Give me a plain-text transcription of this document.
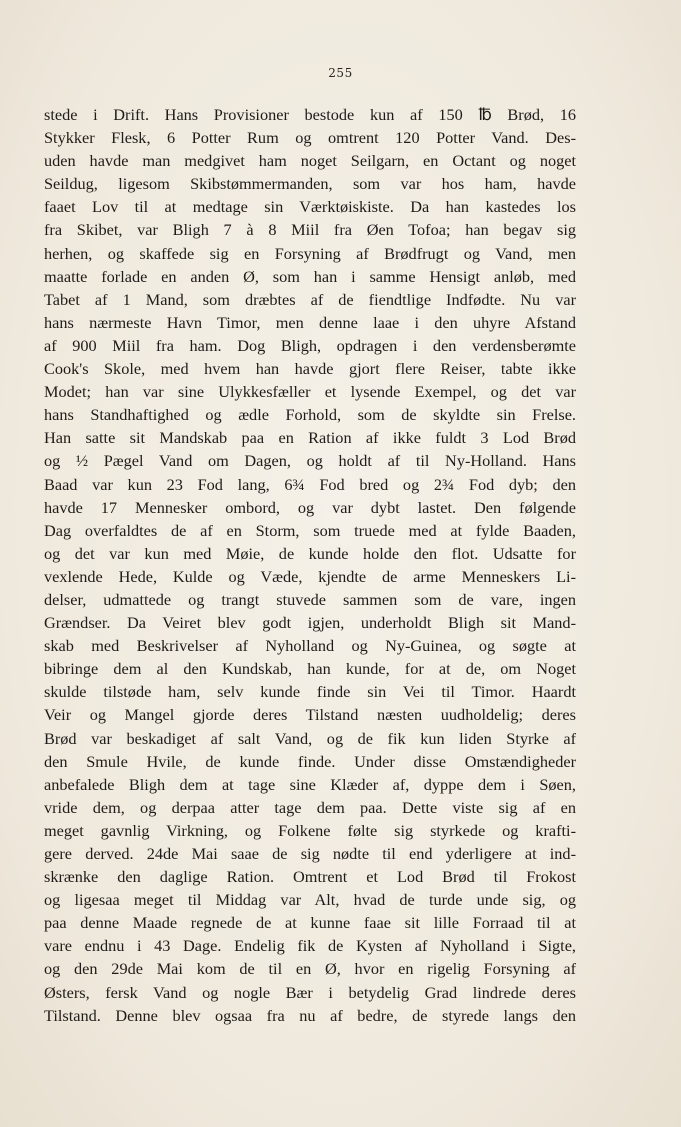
255
stede i Drift. Hans Provisioner bestode kun af 150 ℔ Brød, 16
Stykker Flesk, 6 Potter Rum og omtrent 120 Potter Vand. Des-
uden havde man medgivet ham noget Seilgarn, en Octant og noget
Seildug, ligesom Skibstømmermanden, som var hos ham, havde
faaet Lov til at medtage sin Værktøiskiste. Da han kastedes los
fra Skibet, var Bligh 7 à 8 Miil fra Øen Tofoa; han begav sig
herhen, og skaffede sig en Forsyning af Brødfrugt og Vand, men
maatte forlade en anden Ø, som han i samme Hensigt anløb, med
Tabet af 1 Mand, som dræbtes af de fiendtlige Indfødte. Nu var
hans nærmeste Havn Timor, men denne laae i den uhyre Afstand
af 900 Miil fra ham. Dog Bligh, opdragen i den verdensberømte
Cook's Skole, med hvem han havde gjort flere Reiser, tabte ikke
Modet; han var sine Ulykkesfæller et lysende Exempel, og det var
hans Standhaftighed og ædle Forhold, som de skyldte sin Frelse.
Han satte sit Mandskab paa en Ration af ikke fuldt 3 Lod Brød
og ½ Pægel Vand om Dagen, og holdt af til Ny-Holland. Hans
Baad var kun 23 Fod lang, 6¾ Fod bred og 2¾ Fod dyb; den
havde 17 Mennesker ombord, og var dybt lastet. Den følgende
Dag overfaldtes de af en Storm, som truede med at fylde Baaden,
og det var kun med Møie, de kunde holde den flot. Udsatte for
vexlende Hede, Kulde og Væde, kjendte de arme Menneskers Li-
delser, udmattede og trangt stuvede sammen som de vare, ingen
Grændser. Da Veiret blev godt igjen, underholdt Bligh sit Mand-
skab med Beskrivelser af Nyholland og Ny-Guinea, og søgte at
bibringe dem al den Kundskab, han kunde, for at de, om Noget
skulde tilstøde ham, selv kunde finde sin Vei til Timor. Haardt
Veir og Mangel gjorde deres Tilstand næsten uudholdelig; deres
Brød var beskadiget af salt Vand, og de fik kun liden Styrke af
den Smule Hvile, de kunde finde. Under disse Omstændigheder
anbefalede Bligh dem at tage sine Klæder af, dyppe dem i Søen,
vride dem, og derpaa atter tage dem paa. Dette viste sig af en
meget gavnlig Virkning, og Folkene følte sig styrkede og krafti-
gere derved. 24de Mai saae de sig nødte til end yderligere at ind-
skrænke den daglige Ration. Omtrent et Lod Brød til Frokost
og ligesaa meget til Middag var Alt, hvad de turde unde sig, og
paa denne Maade regnede de at kunne faae sit lille Forraad til at
vare endnu i 43 Dage. Endelig fik de Kysten af Nyholland i Sigte,
og den 29de Mai kom de til en Ø, hvor en rigelig Forsyning af
Østers, fersk Vand og nogle Bær i betydelig Grad lindrede deres
Tilstand. Denne blev ogsaa fra nu af bedre, de styrede langs den
